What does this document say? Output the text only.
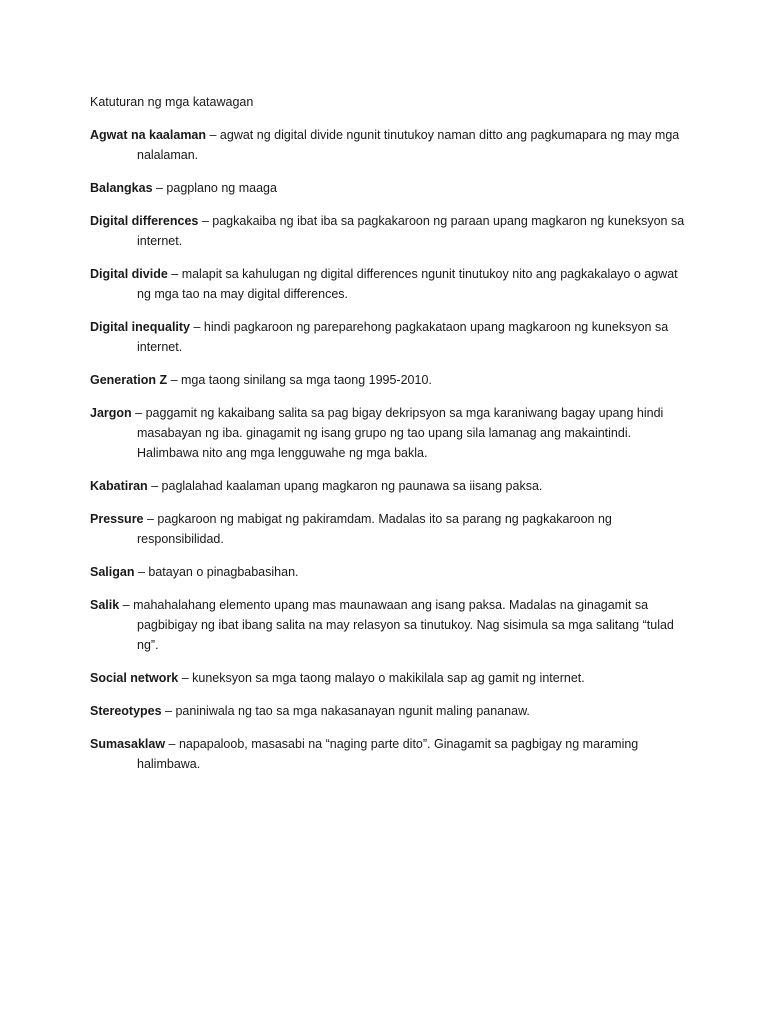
Katuturan ng mga katawagan
Agwat na kaalaman – agwat ng digital divide ngunit tinutukoy naman ditto ang pagkumapara ng may mga nalalaman.
Balangkas – pagplano ng maaga
Digital differences – pagkakaiba ng ibat iba sa pagkakaroon ng paraan upang magkaron ng kuneksyon sa internet.
Digital divide – malapit sa kahulugan ng digital differences ngunit tinutukoy nito ang pagkakalayo o agwat ng mga tao na may digital differences.
Digital inequality – hindi pagkaroon ng pareparehong pagkakataon upang magkaroon ng kuneksyon sa internet.
Generation Z – mga taong sinilang sa mga taong 1995-2010.
Jargon – paggamit ng kakaibang salita sa pag bigay dekripsyon sa mga karaniwang bagay upang hindi masabayan ng iba. ginagamit ng isang grupo ng tao upang sila lamanag ang makaintindi. Halimbawa nito ang mga lengguwahe ng mga bakla.
Kabatiran – paglalahad kaalaman upang magkaron ng paunawa sa iisang paksa.
Pressure – pagkaroon ng mabigat ng pakiramdam. Madalas ito sa parang ng pagkakaroon ng responsibilidad.
Saligan – batayan o pinagbabasihan.
Salik – mahahalahang elemento upang mas maunawaan ang isang paksa. Madalas na ginagamit sa pagbibigay ng ibat ibang salita na may relasyon sa tinutukoy. Nag sisimula sa mga salitang “tulad ng”.
Social network – kuneksyon sa mga taong malayo o makikilala sap ag gamit ng internet.
Stereotypes – paniniwala ng tao sa mga nakasanayan ngunit maling pananaw.
Sumasaklaw – napapaloob, masasabi na “naging parte dito”. Ginagamit sa pagbigay ng maraming halimbawa.
